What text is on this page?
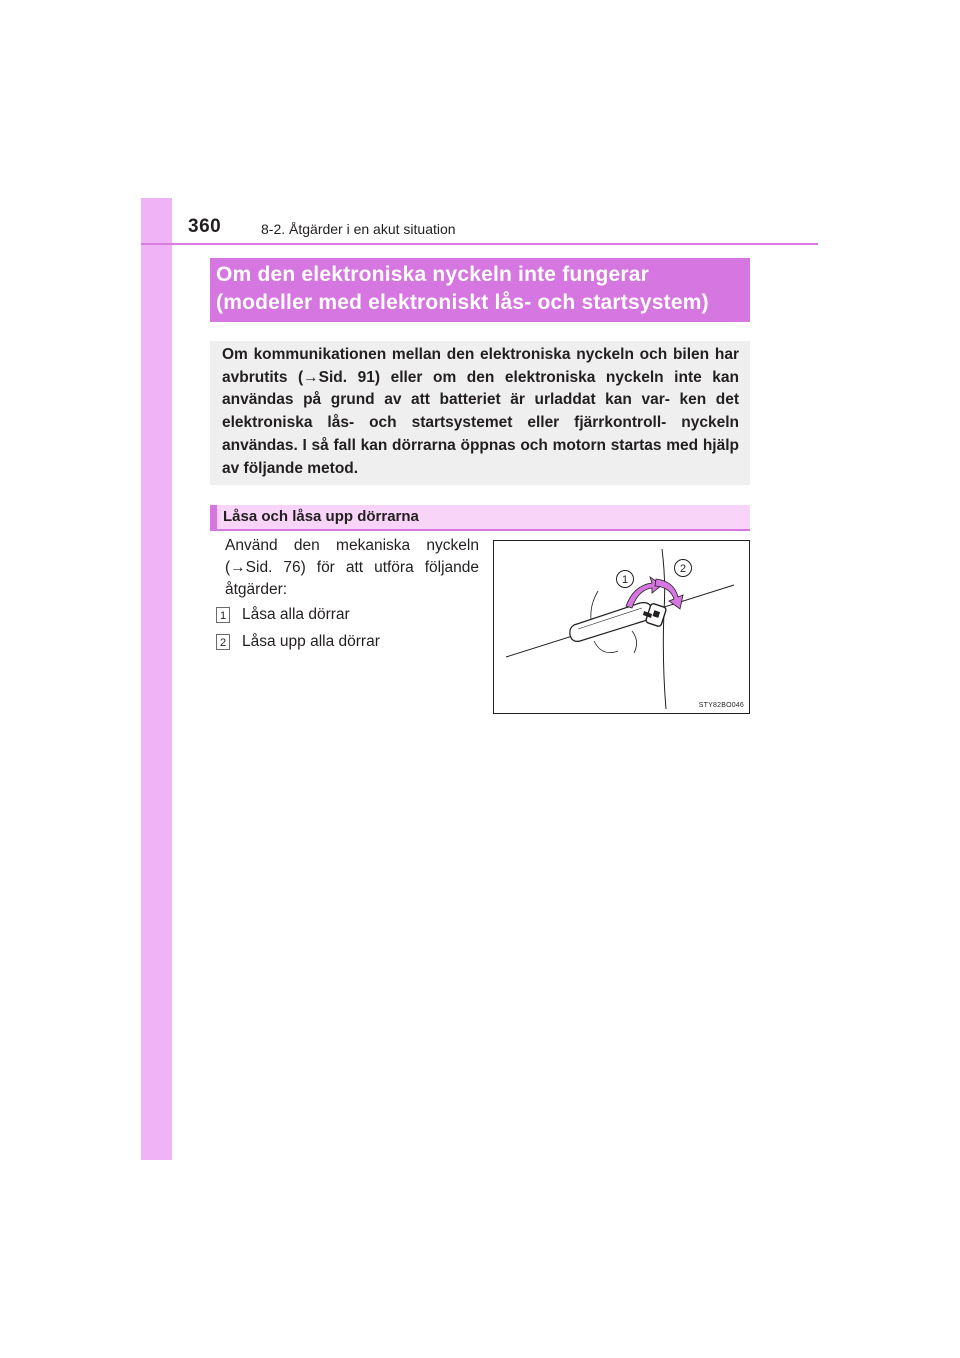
360	8-2. Åtgärder i en akut situation
Om den elektroniska nyckeln inte fungerar
(modeller med elektroniskt lås- och startsystem)
Om kommunikationen mellan den elektroniska nyckeln och bilen har avbrutits (→Sid. 91) eller om den elektroniska nyckeln inte kan användas på grund av att batteriet är urladdat kan var- ken det elektroniska lås- och startsystemet eller fjärrkontroll- nyckeln användas. I så fall kan dörrarna öppnas och motorn startas med hjälp av följande metod.
Låsa och låsa upp dörrarna
Använd den mekaniska nyckeln (→Sid. 76) för att utföra följande åtgärder:
1 Låsa alla dörrar
2 Låsa upp alla dörrar
1
2
STY82BO046
